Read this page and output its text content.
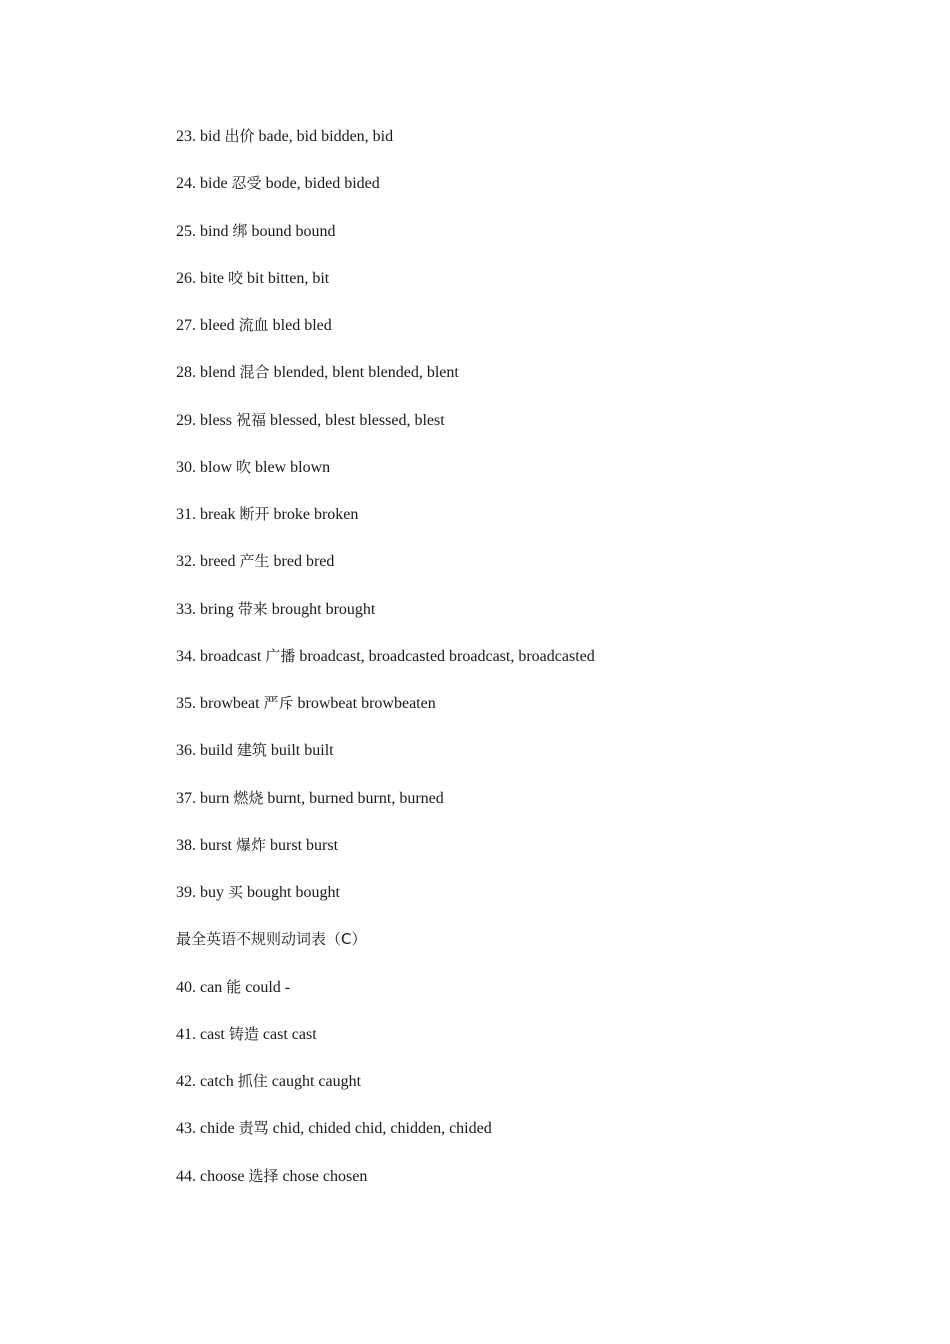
23. bid 出价 bade, bid bidden, bid
24. bide 忍受 bode, bided bided
25. bind 绑 bound bound
26. bite 咬 bit bitten, bit
27. bleed 流血 bled bled
28. blend 混合 blended, blent blended, blent
29. bless 祝福 blessed, blest blessed, blest
30. blow 吹 blew blown
31. break 断开 broke broken
32. breed 产生 bred bred
33. bring 带来 brought brought
34. broadcast 广播 broadcast, broadcasted broadcast, broadcasted
35. browbeat 严斥 browbeat browbeaten
36. build 建筑 built built
37. burn 燃烧 burnt, burned burnt, burned
38. burst 爆炸 burst burst
39. buy 买 bought bought
最全英语不规则动词表（C）
40. can 能 could -
41. cast 铸造 cast cast
42. catch 抓住 caught caught
43. chide 责骂 chid, chided chid, chidden, chided
44. choose 选择 chose chosen
